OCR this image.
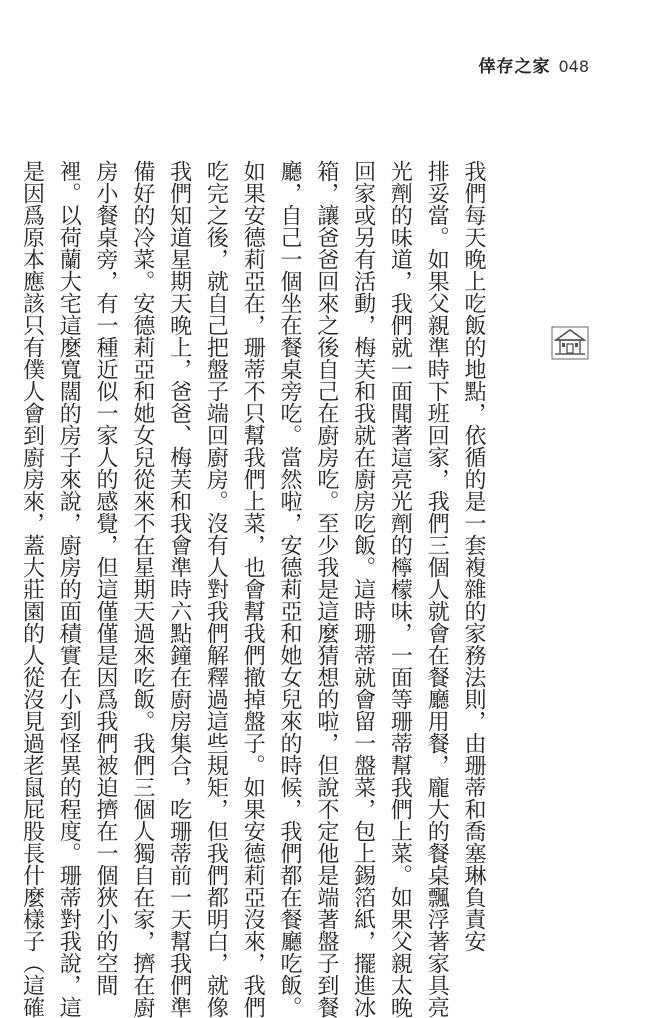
倖存之家 048
我們每天晚上吃飯的地點，依循的是一套複雜的家務法則，由珊蒂和喬塞琳負責安
排妥當。如果父親準時下班回家，我們三個人就會在餐廳用餐，龐大的餐桌飄浮著家具亮
光劑的味道，我們就一面聞著這亮光劑的檸檬味，一面等珊蒂幫我們上菜。如果父親太晚
回家或另有活動，梅芙和我就在廚房吃飯。這時珊蒂就會留一盤菜，包上錫箔紙，擺進冰
箱，讓爸爸回來之後自己在廚房吃。至少我是這麼猜想的啦，但說不定他是端著盤子到餐
廳，自己一個坐在餐桌旁吃。當然啦，安德莉亞和她女兒來的時候，我們都在餐廳吃飯。
如果安德莉亞在，珊蒂不只幫我們上菜，也會幫我們撤掉盤子。如果安德莉亞沒來，我們
吃完之後，就自己把盤子端回廚房。沒有人對我們解釋過這些規矩，但我們都明白，就像
我們知道星期天晚上，爸爸、梅芙和我會準時六點鐘在廚房集合，吃珊蒂前一天幫我們準
備好的冷菜。安德莉亞和她女兒從來不在星期天過來吃飯。我們三個人獨自在家，擠在廚
房小餐桌旁，有一種近似一家人的感覺，但這僅僅是因爲我們被迫擠在一個狹小的空間
裡。以荷蘭大宅這麼寬闊的房子來說，廚房的面積實在小到怪異的程度。珊蒂對我說，這
是因爲原本應該只有僕人會到廚房來，蓋大莊園的人從沒見過老鼠屁股長什麼樣子（這確
